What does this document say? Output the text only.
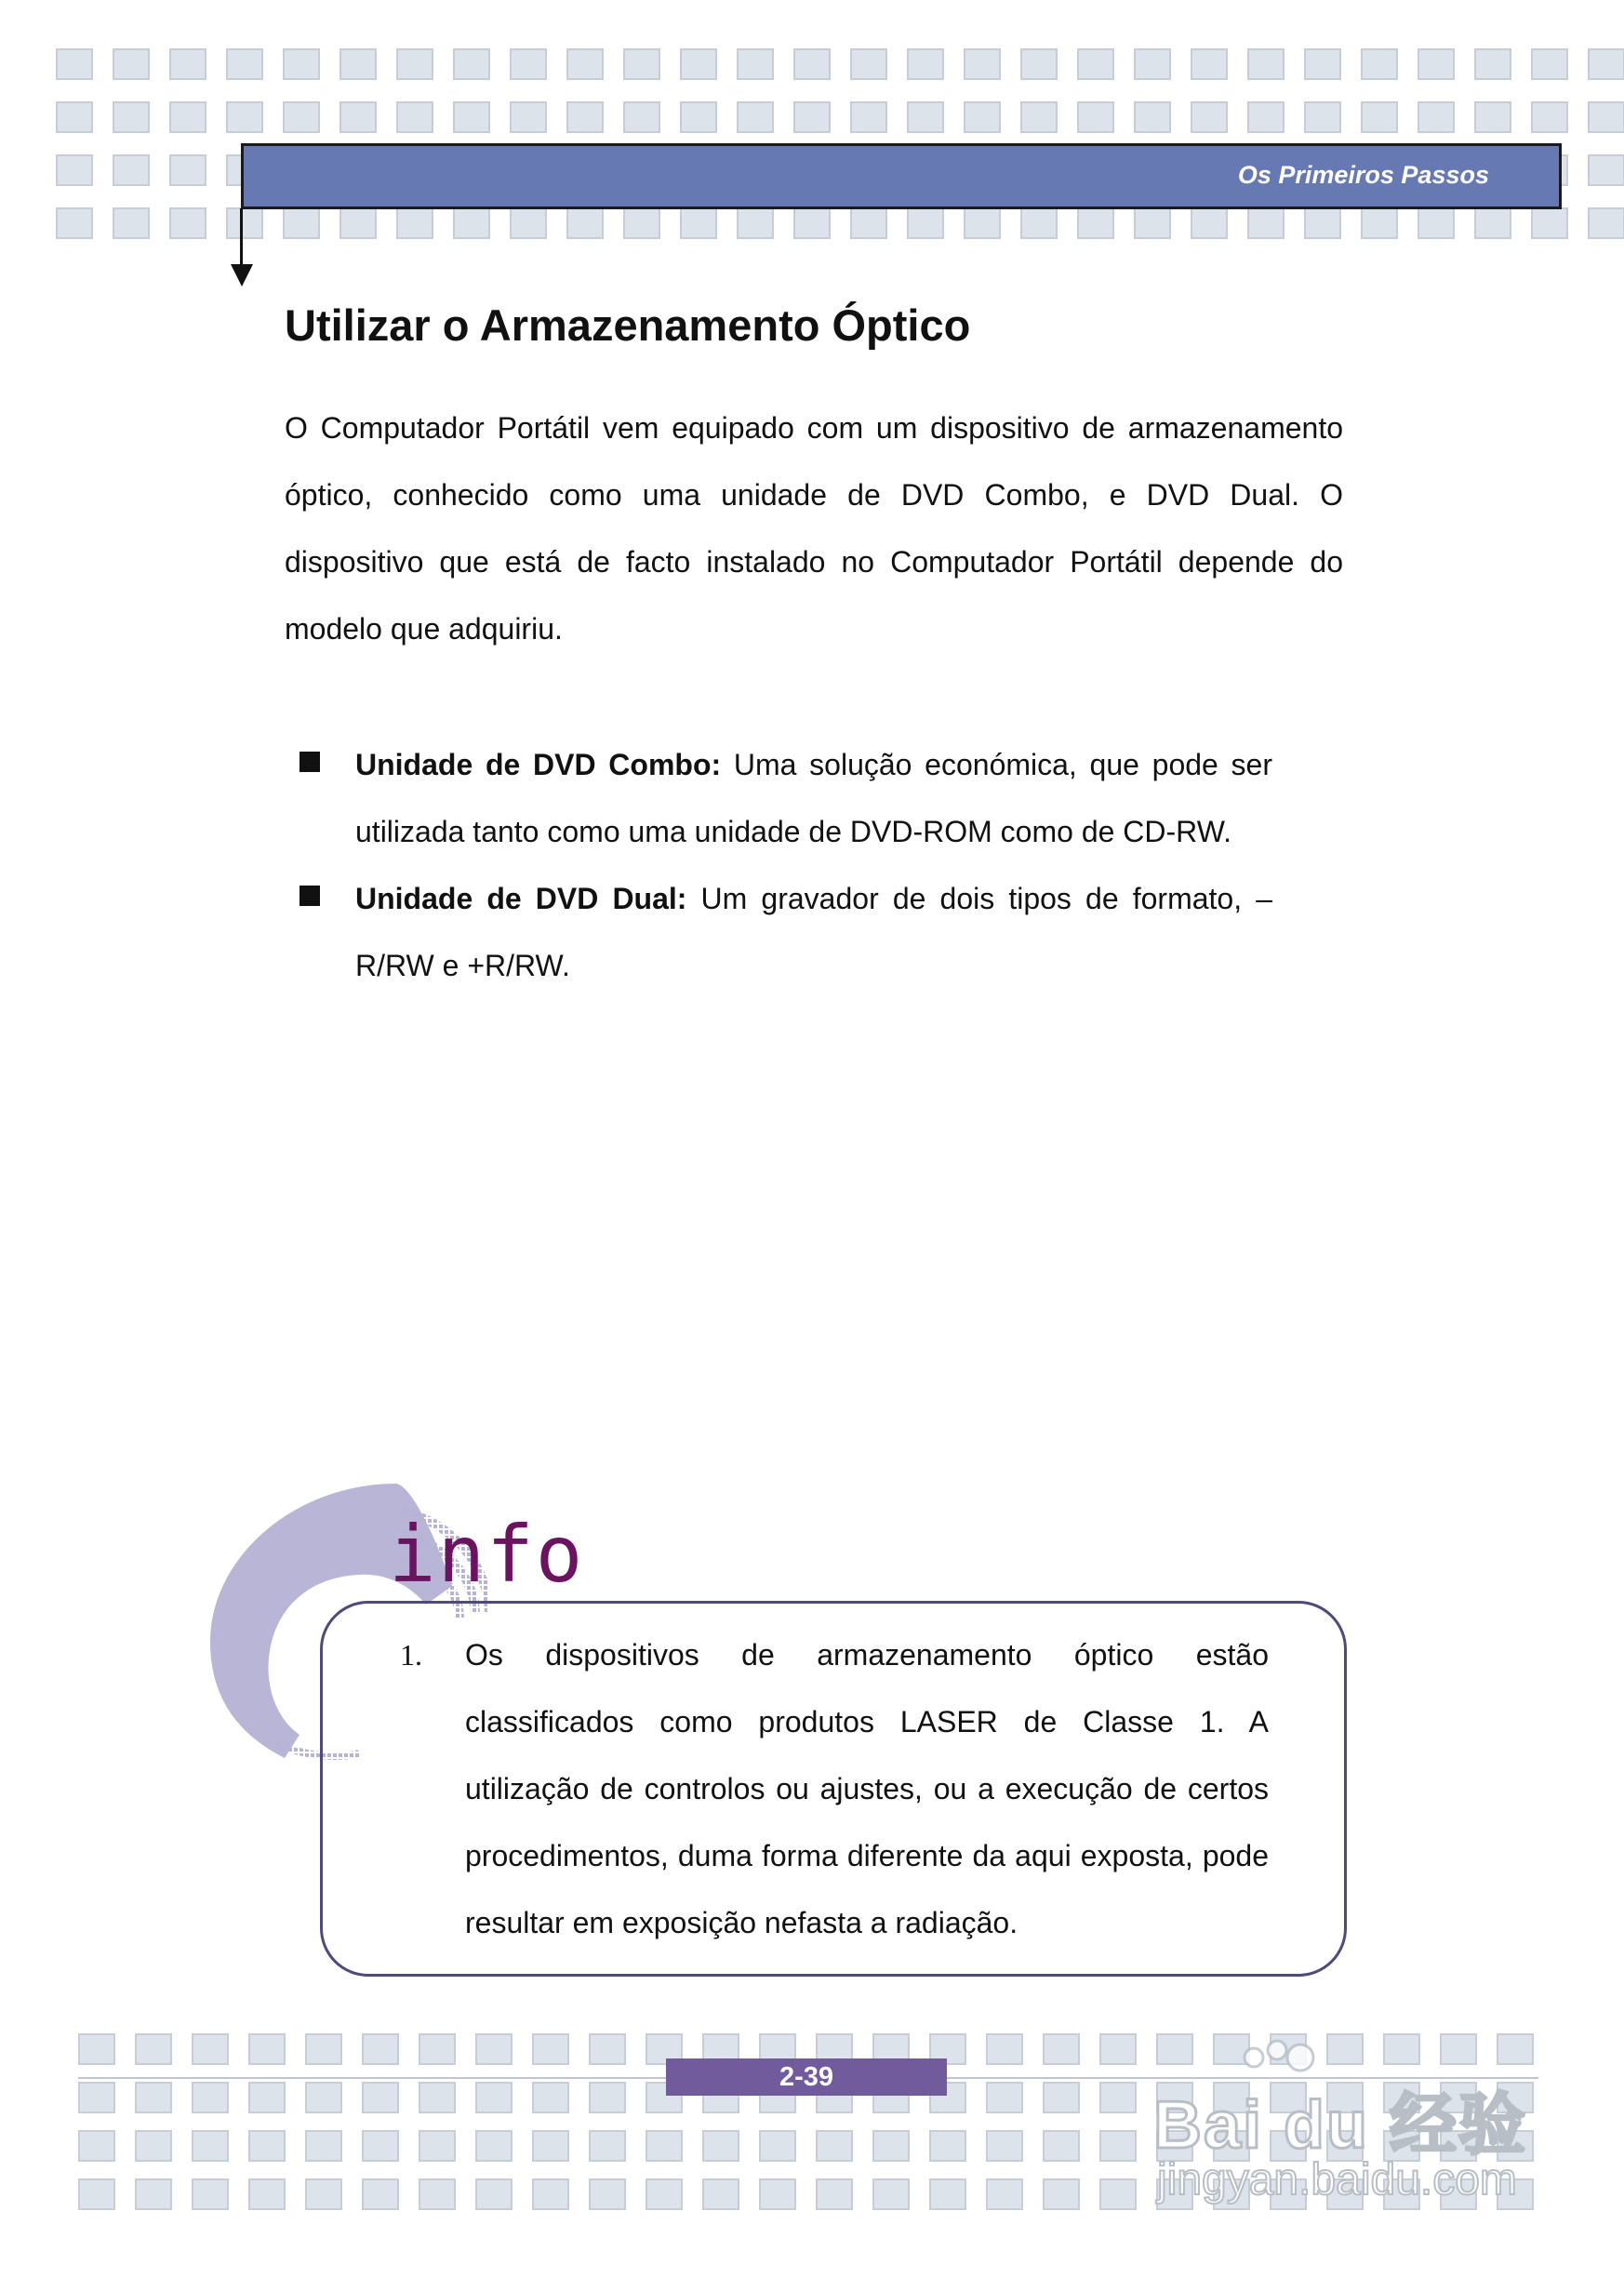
Os Primeiros Passos
Utilizar o Armazenamento Óptico

O Computador Portátil vem equipado com um dispositivo de armazenamento óptico, conhecido como uma unidade de DVD Combo, e DVD Dual. O dispositivo que está de facto instalado no Computador Portátil depende do modelo que adquiriu.

Unidade de DVD Combo: Uma solução económica, que pode ser utilizada tanto como uma unidade de DVD-ROM como de CD-RW.
Unidade de DVD Dual: Um gravador de dois tipos de formato, –R/RW e +R/RW.
info
1. Os dispositivos de armazenamento óptico estão classificados como produtos LASER de Classe 1. A utilização de controlos ou ajustes, ou a execução de certos procedimentos, duma forma diferente da aqui exposta, pode resultar em exposição nefasta a radiação.

2-39
Bai du 经验
jingyan.baidu.com
